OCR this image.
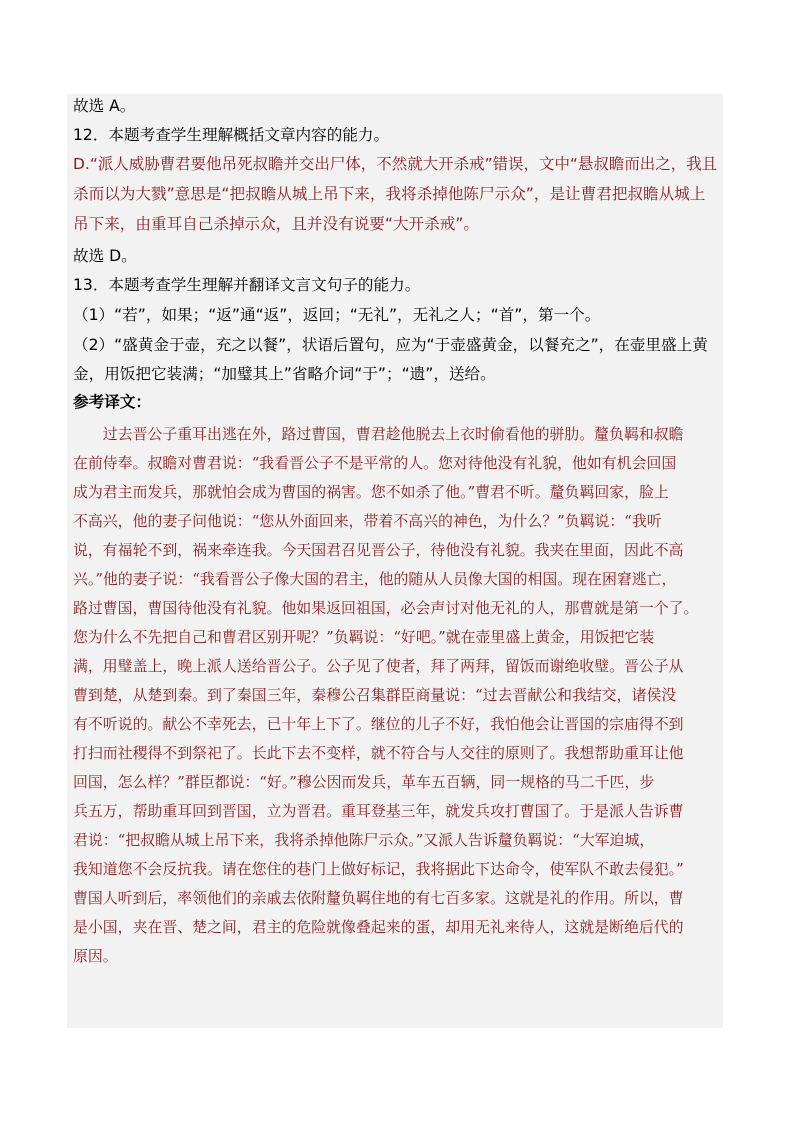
故选 A。
12．本题考查学生理解概括文章内容的能力。
D.“派人威胁曹君要他吊死叔瞻并交出尸体，不然就大开杀戒”错误，文中“悬叔瞻而出之，我且
杀而以为大戮”意思是“把叔瞻从城上吊下来，我将杀掉他陈尸示众”，是让曹君把叔瞻从城上
吊下来，由重耳自己杀掉示众，且并没有说要“大开杀戒”。
故选 D。
13．本题考查学生理解并翻译文言文句子的能力。
（1）“若”，如果；“返”通“返”，返回；“无礼”，无礼之人；“首”，第一个。
（2）“盛黄金于壶，充之以餐”，状语后置句，应为“于壶盛黄金，以餐充之”，在壶里盛上黄
金，用饭把它装满；“加璧其上”省略介词“于”；“遗”，送给。
参考译文：
　　过去晋公子重耳出逃在外，路过曹国，曹君趁他脱去上衣时偷看他的骈肋。釐负羁和叔瞻
在前侍奉。叔瞻对曹君说：“我看晋公子不是平常的人。您对待他没有礼貌，他如有机会回国
成为君主而发兵，那就怕会成为曹国的祸害。您不如杀了他。”曹君不听。釐负羁回家，脸上
不高兴，他的妻子问他说：“您从外面回来，带着不高兴的神色，为什么？”负羁说：“我听
说，有福轮不到，祸来牵连我。今天国君召见晋公子，待他没有礼貌。我夹在里面，因此不高
兴。”他的妻子说：“我看晋公子像大国的君主，他的随从人员像大国的相国。现在困窘逃亡，
路过曹国，曹国待他没有礼貌。他如果返回祖国，必会声讨对他无礼的人，那曹就是第一个了。
您为什么不先把自己和曹君区别开呢？”负羁说：“好吧。”就在壶里盛上黄金，用饭把它装
满，用璧盖上，晚上派人送给晋公子。公子见了使者，拜了两拜，留饭而谢绝收璧。晋公子从
曹到楚，从楚到秦。到了秦国三年，秦穆公召集群臣商量说：“过去晋献公和我结交，诸侯没
有不听说的。献公不幸死去，已十年上下了。继位的儿子不好，我怕他会让晋国的宗庙得不到
打扫而社稷得不到祭祀了。长此下去不变样，就不符合与人交往的原则了。我想帮助重耳让他
回国，怎么样？”群臣都说：“好。”穆公因而发兵，革车五百辆，同一规格的马二千匹，步
兵五万，帮助重耳回到晋国，立为晋君。重耳登基三年，就发兵攻打曹国了。于是派人告诉曹
君说：“把叔瞻从城上吊下来，我将杀掉他陈尸示众。”又派人告诉釐负羁说：“大军迫城，
我知道您不会反抗我。请在您住的巷门上做好标记，我将据此下达命令，使军队不敢去侵犯。”
曹国人听到后，率领他们的亲戚去依附釐负羁住地的有七百多家。这就是礼的作用。所以，曹
是小国，夹在晋、楚之间，君主的危险就像叠起来的蛋，却用无礼来待人，这就是断绝后代的
原因。
